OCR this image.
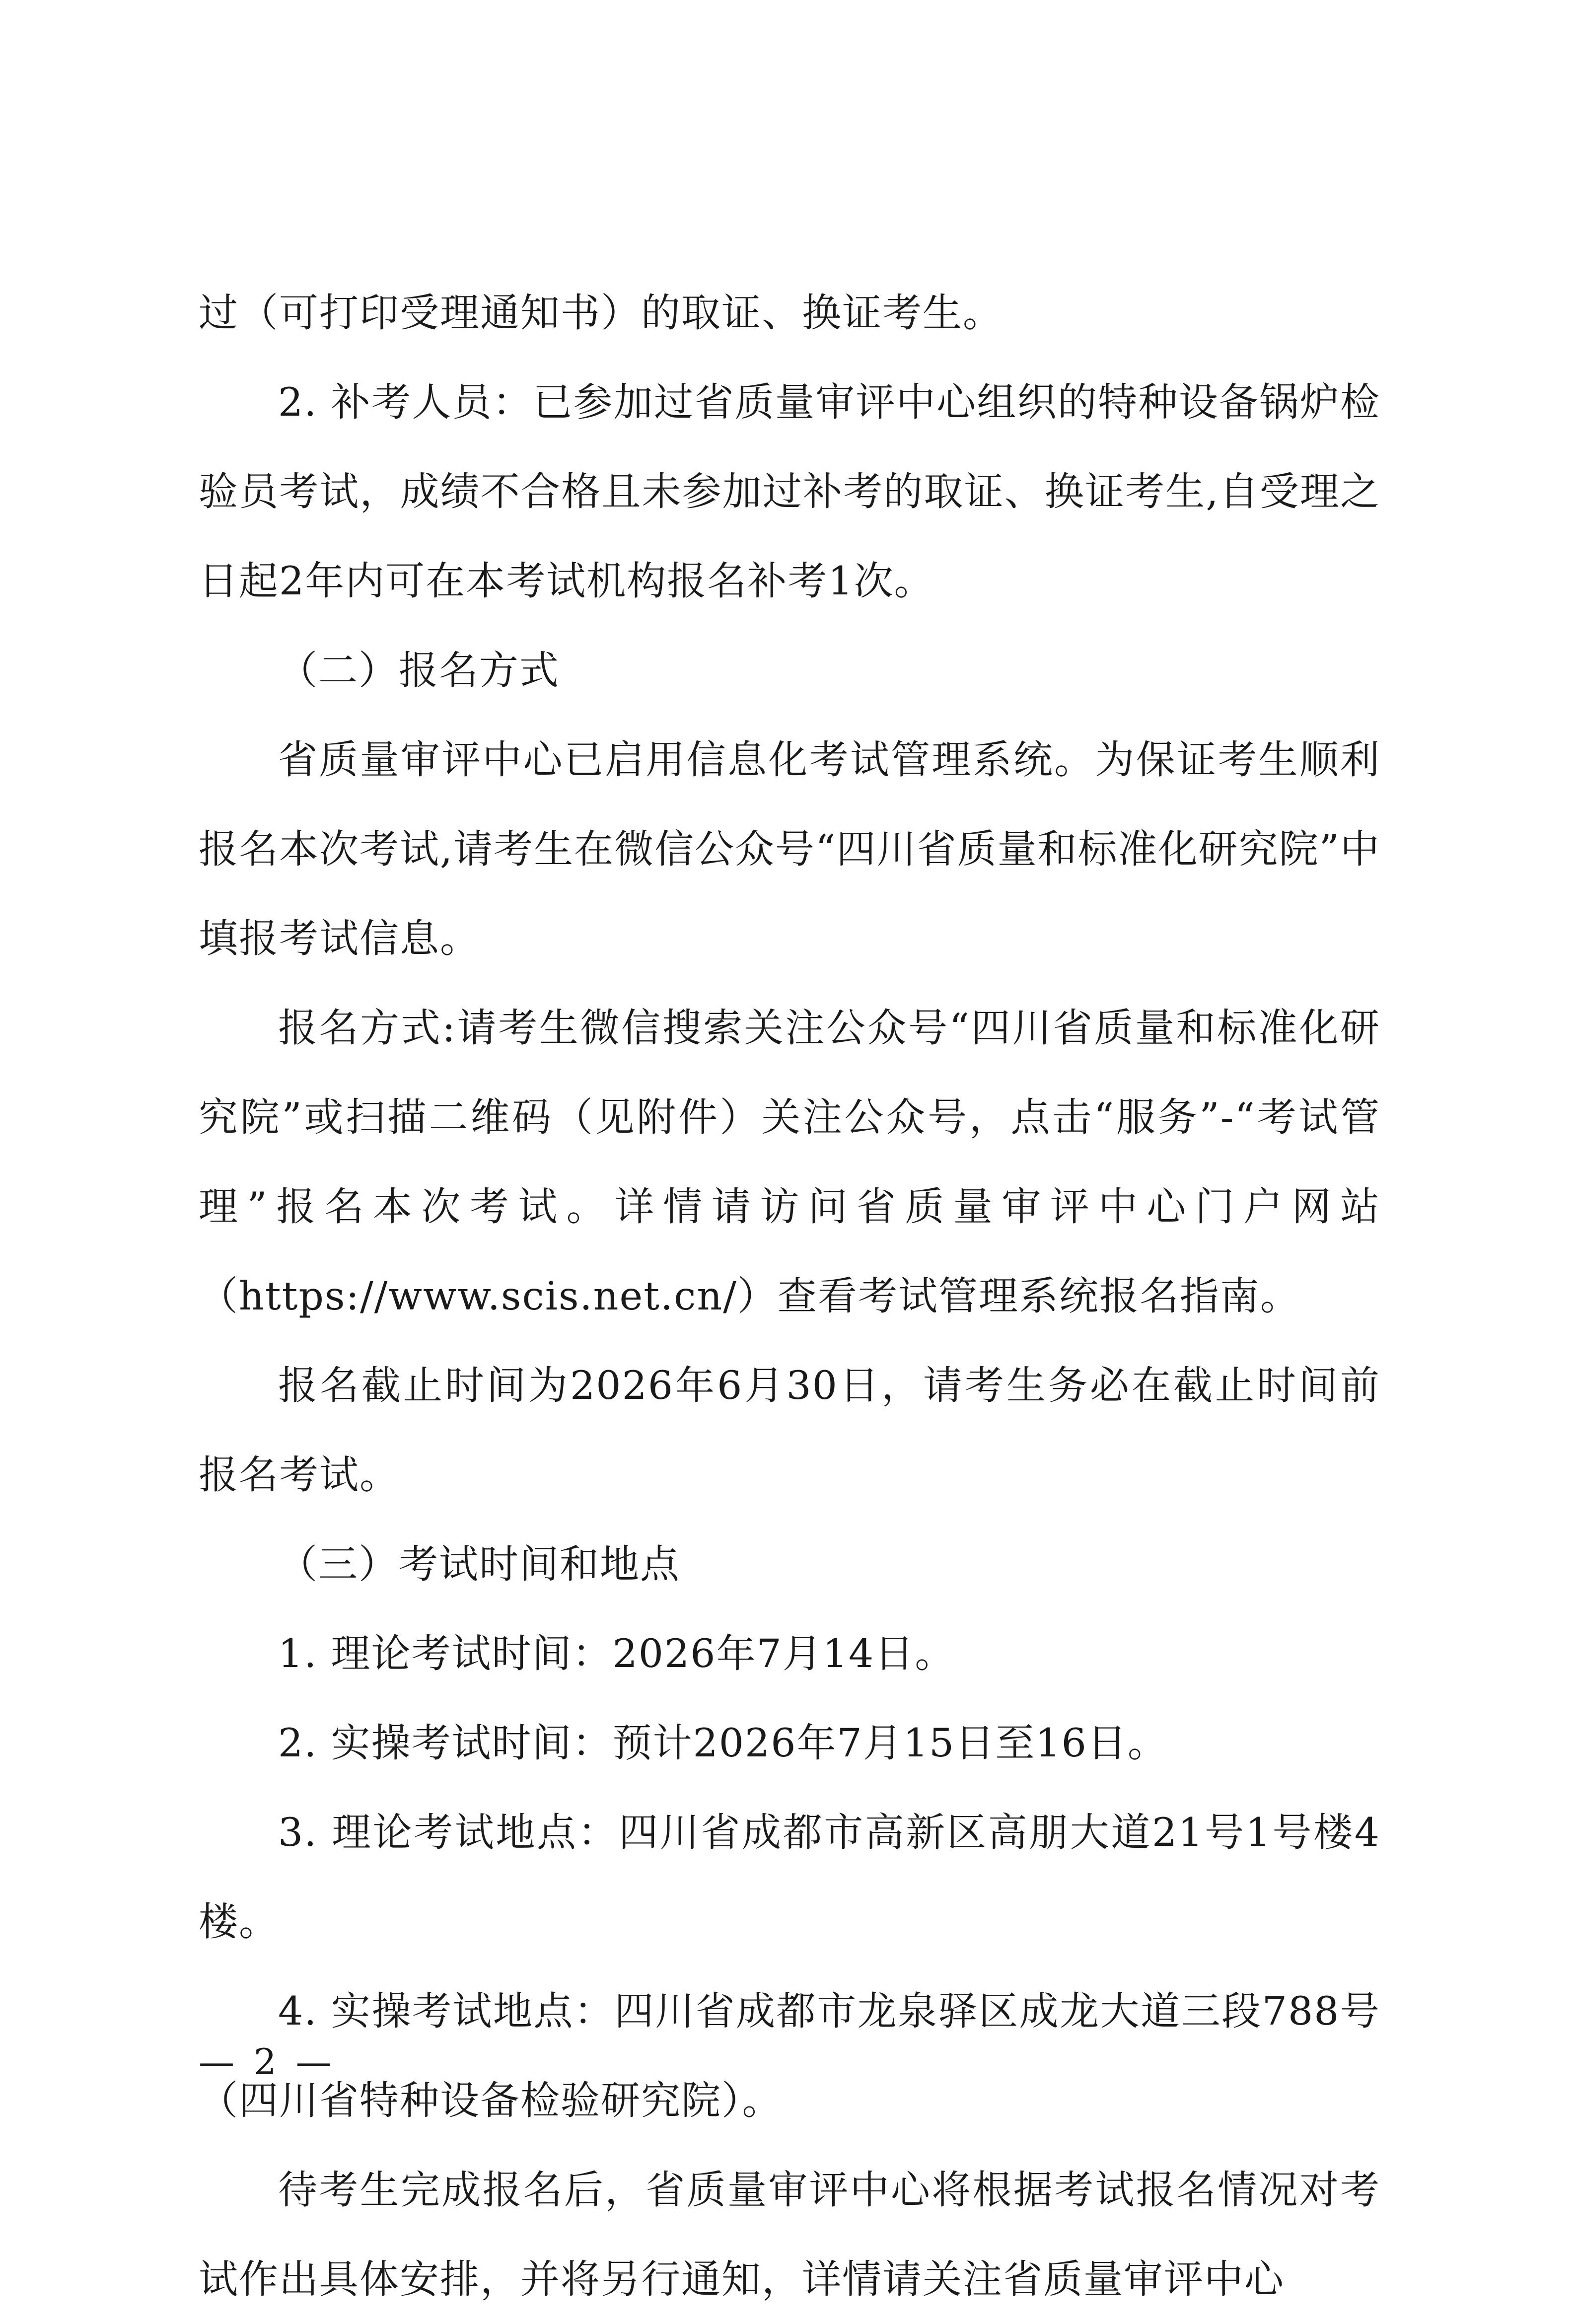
过（可打印受理通知书）的取证、换证考生。

2. 补考人员：已参加过省质量审评中心组织的特种设备锅炉检验员考试，成绩不合格且未参加过补考的取证、换证考生,自受理之日起2年内可在本考试机构报名补考1次。

（二）报名方式

省质量审评中心已启用信息化考试管理系统。为保证考生顺利报名本次考试,请考生在微信公众号“四川省质量和标准化研究院”中填报考试信息。

报名方式:请考生微信搜索关注公众号“四川省质量和标准化研究院”或扫描二维码（见附件）关注公众号，点击“服务”-“考试管理”报名本次考试。详情请访问省质量审评中心门户网站（https://www.scis.net.cn/）查看考试管理系统报名指南。

报名截止时间为2026年6月30日，请考生务必在截止时间前报名考试。

（三）考试时间和地点

1. 理论考试时间：2026年7月14日。

2. 实操考试时间：预计2026年7月15日至16日。

3. 理论考试地点：四川省成都市高新区高朋大道21号1号楼4楼。

4. 实操考试地点：四川省成都市龙泉驿区成龙大道三段788号（四川省特种设备检验研究院）。

待考生完成报名后，省质量审评中心将根据考试报名情况对考试作出具体安排，并将另行通知，详情请关注省质量审评中心

— 2 —
